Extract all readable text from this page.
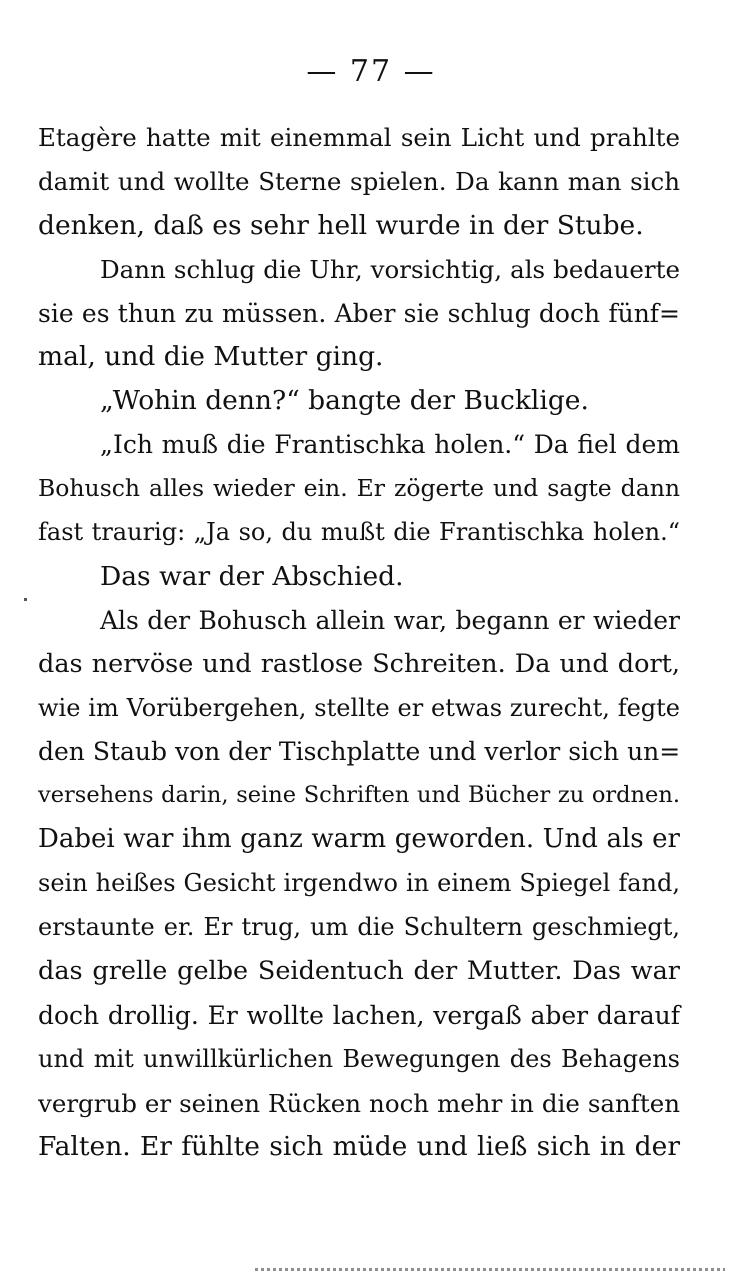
— 77 —
Etagère hatte mit einemmal sein Licht und prahlte
damit und wollte Sterne spielen. Da kann man sich
denken, daß es sehr hell wurde in der Stube.
Dann schlug die Uhr, vorsichtig, als bedauerte
sie es thun zu müssen. Aber sie schlug doch fünf=
mal, und die Mutter ging.
„Wohin denn?“ bangte der Bucklige.
„Ich muß die Frantischka holen.“ Da fiel dem
Bohusch alles wieder ein. Er zögerte und sagte dann
fast traurig: „Ja so, du mußt die Frantischka holen.“
Das war der Abschied.
Als der Bohusch allein war, begann er wieder
das nervöse und rastlose Schreiten. Da und dort,
wie im Vorübergehen, stellte er etwas zurecht, fegte
den Staub von der Tischplatte und verlor sich un=
versehens darin, seine Schriften und Bücher zu ordnen.
Dabei war ihm ganz warm geworden. Und als er
sein heißes Gesicht irgendwo in einem Spiegel fand,
erstaunte er. Er trug, um die Schultern geschmiegt,
das grelle gelbe Seidentuch der Mutter. Das war
doch drollig. Er wollte lachen, vergaß aber darauf
und mit unwillkürlichen Bewegungen des Behagens
vergrub er seinen Rücken noch mehr in die sanften
Falten. Er fühlte sich müde und ließ sich in der
